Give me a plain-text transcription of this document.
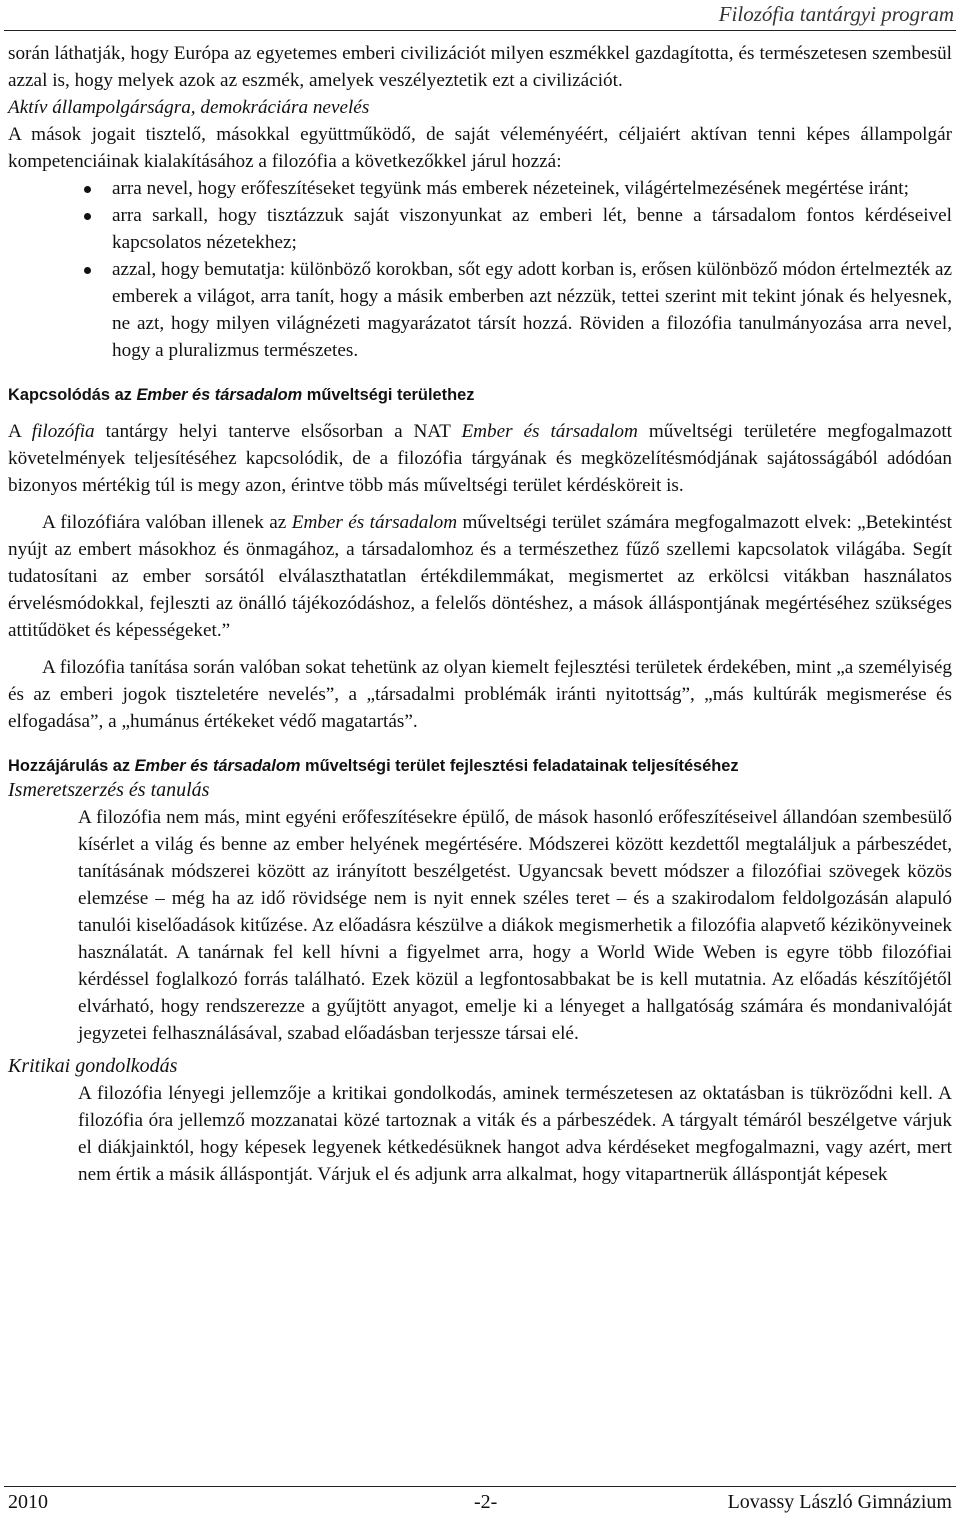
Filozófia tantárgyi program

során láthatják, hogy Európa az egyetemes emberi civilizációt milyen eszmékkel gazdagította, és természetesen szembesül azzal is, hogy melyek azok az eszmék, amelyek veszélyeztetik ezt a civilizációt.

Aktív állampolgárságra, demokráciára nevelés

A mások jogait tisztelő, másokkal együttműködő, de saját véleményéért, céljaiért aktívan tenni képes állampolgár kompetenciáinak kialakításához a filozófia a következőkkel járul hozzá:

arra nevel, hogy erőfeszítéseket tegyünk más emberek nézeteinek, világértelmezésének megértése iránt;
arra sarkall, hogy tisztázzuk saját viszonyunkat az emberi lét, benne a társadalom fontos kérdéseivel kapcsolatos nézetekhez;
azzal, hogy bemutatja: különböző korokban, sőt egy adott korban is, erősen különböző módon értelmezték az emberek a világot, arra tanít, hogy a másik emberben azt nézzük, tettei szerint mit tekint jónak és helyesnek, ne azt, hogy milyen világnézeti magyarázatot társít hozzá. Röviden a filozófia tanulmányozása arra nevel, hogy a pluralizmus természetes.

Kapcsolódás az Ember és társadalom műveltségi területhez

A filozófia tantárgy helyi tanterve elsősorban a NAT Ember és társadalom műveltségi területére megfogalmazott követelmények teljesítéséhez kapcsolódik, de a filozófia tárgyának és megközelítésmódjának sajátosságából adódóan bizonyos mértékig túl is megy azon, érintve több más műveltségi terület kérdésköreit is.

A filozófiára valóban illenek az Ember és társadalom műveltségi terület számára megfogalmazott elvek: „Betekintést nyújt az embert másokhoz és önmagához, a társadalomhoz és a természethez fűző szellemi kapcsolatok világába. Segít tudatosítani az ember sorsától elválaszthatatlan értékdilemmákat, megismertet az erkölcsi vitákban használatos érvelésmódokkal, fejleszti az önálló tájékozódáshoz, a felelős döntéshez, a mások álláspontjának megértéséhez szükséges attitűdöket és képességeket.”

A filozófia tanítása során valóban sokat tehetünk az olyan kiemelt fejlesztési területek érdekében, mint „a személyiség és az emberi jogok tiszteletére nevelés”, a „társadalmi problémák iránti nyitottság”, „más kultúrák megismerése és elfogadása”, a „humánus értékeket védő magatartás”.

Hozzájárulás az Ember és társadalom műveltségi terület fejlesztési feladatainak teljesítéséhez

Ismeretszerzés és tanulás

A filozófia nem más, mint egyéni erőfeszítésekre épülő, de mások hasonló erőfeszítéseivel állandóan szembesülő kísérlet a világ és benne az ember helyének megértésére. Módszerei között kezdettől megtaláljuk a párbeszédet, tanításának módszerei között az irányított beszélgetést. Ugyancsak bevett módszer a filozófiai szövegek közös elemzése – még ha az idő rövidsége nem is nyit ennek széles teret – és a szakirodalom feldolgozásán alapuló tanulói kiselőadások kitűzése. Az előadásra készülve a diákok megismerhetik a filozófia alapvető kézikönyveinek használatát. A tanárnak fel kell hívni a figyelmet arra, hogy a World Wide Weben is egyre több filozófiai kérdéssel foglalkozó forrás található. Ezek közül a legfontosabbakat be is kell mutatnia. Az előadás készítőjétől elvárható, hogy rendszerezze a gyűjtött anyagot, emelje ki a lényeget a hallgatóság számára és mondanivalóját jegyzetei felhasználásával, szabad előadásban terjessze társai elé.

Kritikai gondolkodás

A filozófia lényegi jellemzője a kritikai gondolkodás, aminek természetesen az oktatásban is tükröződni kell. A filozófia óra jellemző mozzanatai közé tartoznak a viták és a párbeszédek. A tárgyalt témáról beszélgetve várjuk el diákjainktól, hogy képesek legyenek kétkedésüknek hangot adva kérdéseket megfogalmazni, vagy azért, mert nem értik a másik álláspontját. Várjuk el és adjunk arra alkalmat, hogy vitapartnerük álláspontját képesek

2010	-2-	Lovassy László Gimnázium
